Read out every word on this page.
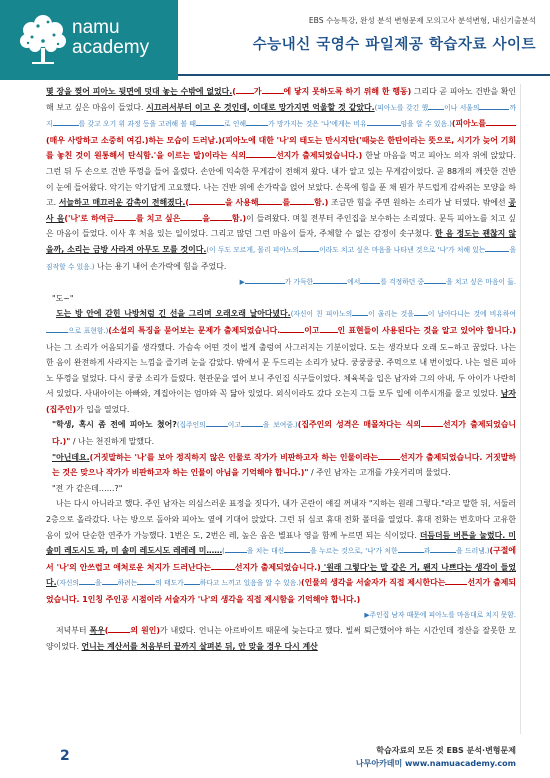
namu
academy
EBS 수능특강, 완성 분석 변형문제 모의고사 분석변형, 내신기출분석
수능내신 국영수 파일제공 학습자료 사이트

몇 장을 찢어 피아노 뒷면에 덧대 놓는 수밖에 없었다.( 가	에 닿지 못하도록 하기 위해 한 행동) 그리다 곧 피아노 건반을 확인해 보고 싶은 마음이 들었다. 시끄러서부터 이고 온 것인데, 이대로 망가지면 억울할 것 같았다.(피아노를 갖긴 했 이나 서울의	까지	를 갖고 오기 위 과정 등을 고려해 볼 때	로 인해	가 망가지는 것은 '나'에게는 비유	임을 알 수 있음.)(피아노를(매우 사랑하고 소중히 여김.)하는 모습이 드러남.)(피아노에 대한 '나'의 태도는 만시지탄('때늦은 한탄이라는 뜻으로, 시기가 늦어 기회를 놓친 것이 원통해서 탄식함.'을 이르는 말)이라는 식의	선지가 출제되었습니다.) 한날 마음을 먹고 피아노 의자 위에 앉았다. 그런 뒤 두 손으로 건반 뚜껑을 들어 올렸다. 손안에 익숙한 무게감이 전해져 왔다. 내가 알고 있는 무게감이었다. 곧 88개의 깨끗한 건반이 눈에 들어왔다. 악기는 악기답게 고요했다. 나는 건반 위에 손가락을 얹어 보았다. 손목에 힘을 푼 채 뭔가 부드럽게 감싸쥐는 모양을 하고. 서늘하고 매끄러운 감촉이 전해졌다.(	을 사용해	를	함.) 조금만 힘을 주면 원하는 소리가 날 터였다. 밖에선 공사 음('나'로 하여금	를 치고 싶은	을	함.)이 들려왔다. 며칠 전부터 주인집을 보수하는 소리였다. 문득 피아노를 치고 싶은 마음이 들었다. 이사 후 처음 있는 일이었다. 그리고 많던 그런 마음이 들자, 주체할 수 없는 감정이 솟구쳤다. 한 음 정도는 괜찮지 않을까, 소리는 금방 사라져 아무도 모를 것이다.(이 두도 모르게, 몰리 피아노의	이라도 치고 싶은 마음을 나타낸 것으로 '나'가 처해 있는	을 짐작할 수 있음.) 나는 용기 내어 손가락에 힘을 주었다.

▶	가 가득한	에서	를 걱정하던 중	을 치고 싶은 마음이 듦.

"도~"

도는 방 안에 갇힌 나방처럼 긴 선을 그리며 오래오래 날아다녔다.(자신이 친 피아노의 이 울리는 것을 이 날아다니는 것에 비유하여으로 표현함.)(소설의 특징을 묻어보는 문제가 출제되었습니다.	이고 인 표현들이 사용된다는 것을 알고 있어야 합니다.) 나는 그 소리가 어음되기를 생각했다. 가슴속 어떤 것이 벌게 출렁여 사그러지는 기분이었다. 도는 생각보다 오래 도~하고 꿈었다. 나는 한 음이 완전하게 사라지는 느낌을 즐기려 눈을 감았다. 밖에서 문 두드리는 소리가 났다. 쿵쿵쿵쿵. 주먹으로 내 번이었다. 나는 얼른 피아노 뚜껑을 덮었다. 다시 쿵쿵 소리가 들렸다. 현관문을 열어 보니 주인집 식구들이었다. 체육복을 입은 남자와 그의 아내, 두 아이가 나란히 서 있었다. 사내아이는 아빠와, 계집아이는 엄마와 꼭 닮아 있었다. 외식이라도 갔다 오는지 그들 모두 입에 이쑤시개를 물고 있었다. 남자(집주인)가 입을 열었다.

"학생, 혹시 좀 전에 피아노 쳤어?(집주인의	이고	을 보여줌.)(집주인의 성격은 매몰차다는 식의	선지가 출제되었습니다.)" / 나는 천진하게 말했다.

"아닌데요.(거짓말하는 '나'를 보아 정직하지 않은 인물로 작가가 비판하고자 하는 인물이라는	선지가 출제되었습니다. 거짓말하는 것은 맞으나 작가가 비판하고자 하는 인물이 아님을 기억해야 합니다.)" / 주인 남자는 고개를 갸웃거리며 물었다.

"전 가 같은데……?"

나는 다시 아니라고 했다. 주인 남자는 의심스러운 표정을 짓다가, 내가 곤란이 얘길 꺼내자 "지하는 원래 그렇다."라고 말한 뒤, 서둘러 2층으로 올라갔다. 나는 방으로 돌아와 피아노 옆에 기대어 앉았다. 그런 뒤 심코 휴대 전화 폴더를 열었다. 휴대 전화는 번호마다 고유한 음이 있어 단순한 연주가 가능했다. 1번은 도, 2번은 레, 높은 음은 별표나 영을 함께 누르면 되는 식이었다. 더듬더듬 버튼을 눌렀다. 미 솔미 레도시도 파, 미 솔미 레도시도 레레레 미……(	을 치는 대신	을 누르는 것으로, '나'가 처한	과	을 드러냄.)(구절에서 '나'의 안쓰럽고 애처로운 처지가 드러난다는	선지가 출제되었습니다.) '원래 그렇다'는 말 같은 거, 왠지 나쁘다는 생각이 들었다.(자신의 을 하려는	의 태도가 하다고 느끼고 있음을 알 수 있음.)(인물의 생각을 서술자가 직접 제시한다는	선지가 출제되었습니다. 1인칭 주인공 시점이라 서술자가 '나'의 생각을 직접 제시함을 기억해야 합니다.)

▶주인집 남자 때문에 피아노를 마음대로 치지 못함.

저녁부터 폭우(	의 원인)가 내렸다. 언니는 아르바이트 때문에 늦는다고 했다. 빌써 퇴근했어야 하는 시간인데 정산을 잘못한 모양이었다. 언니는 계산서를 처음부터 끝까지 살펴본 뒤, 안 맞을 경우 다시 계산

2	학습자료의 모든 것 EBS 분석·변형문제
나무아카데미 www.namuacademy.com
